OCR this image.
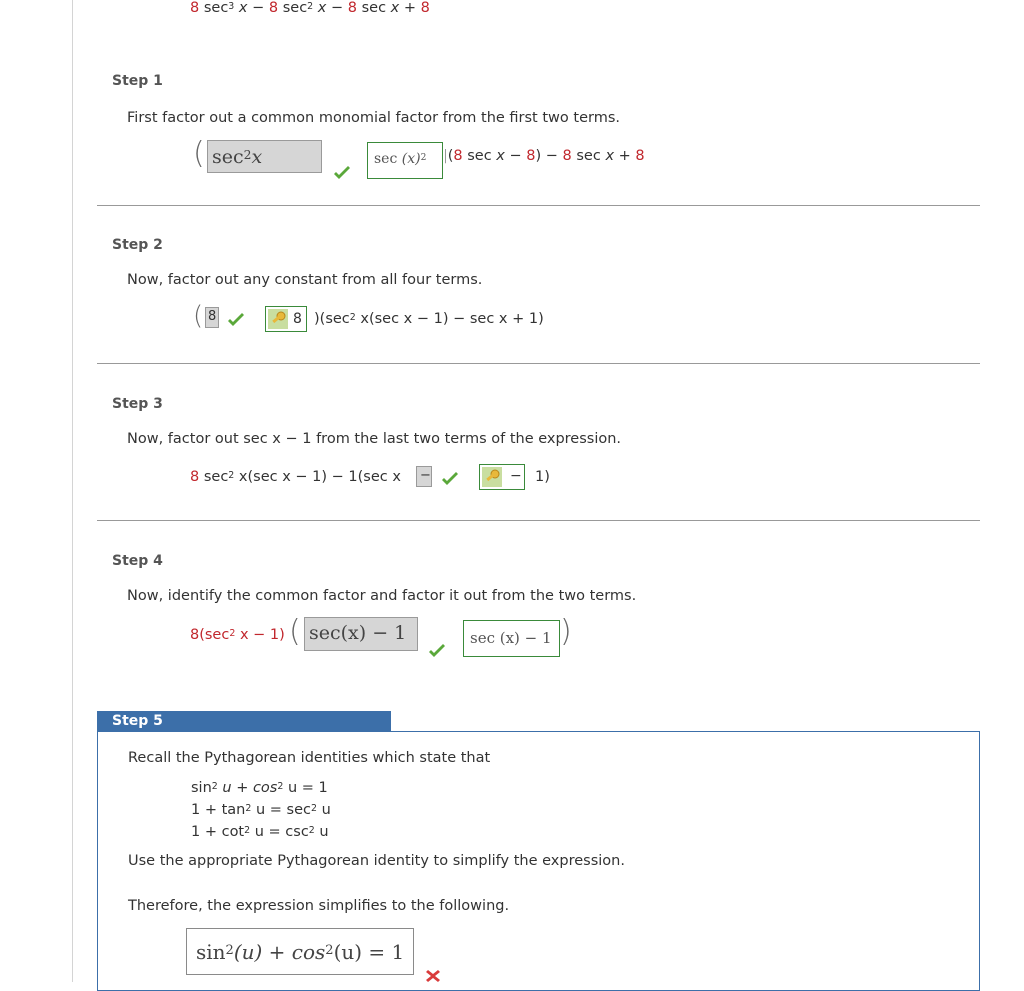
8 $\sec^3 x - 8$ $\sec^2 x - 8$ sec x + 8
Step 1
First factor out a common monomial factor from the first two terms.
( $\sec^2x$	$\sec (x)^2$ |(8 sec x − 8) − 8 sec x + 8
Step 2
Now, factor out any constant from all four terms.
( 8	8 )($\sec^2$ x(sec x − 1) − sec x + 1)
Step 3
Now, factor out sec x − 1 from the last two terms of the expression.
8 $\sec^2 x(\sec$ x − 1) − 1(sec x −	− 1)
Step 4
Now, identify the common factor and factor it out from the two terms.
$8(\sec^2$ x − 1) ( sec(x) − 1	sec (x) − 1 )
Step 5
Recall the Pythagorean identities which state that
$\sin^2 u + \cos^2 u = 1$
$1 + \tan^2 u = \sec^2 u$
$1 + \cot^2 u = \csc^2 u$
Use the appropriate Pythagorean identity to simplify the expression.
Therefore, the expression simplifies to the following.
$\sin^2(u) + \cos^2(u) = 1$
